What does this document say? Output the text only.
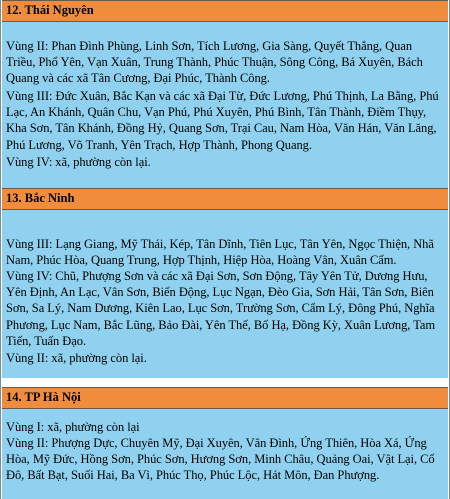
12. Thái Nguyên

Vùng II: Phan Đình Phùng, Linh Sơn, Tích Lương, Gia Sàng, Quyết Thắng, Quan Triều, Phổ Yên, Vạn Xuân, Trung Thành, Phúc Thuận, Sông Công, Bá Xuyên, Bách Quang và các xã Tân Cương, Đại Phúc, Thành Công.

Vùng III: Đức Xuân, Bắc Kạn và các xã Đại Từ, Đức Lương, Phú Thịnh, La Bằng, Phú Lạc, An Khánh, Quân Chu, Vạn Phú, Phú Xuyên, Phú Bình, Tân Thành, Điềm Thụy, Kha Sơn, Tân Khánh, Đồng Hỷ, Quang Sơn, Trại Cau, Nam Hòa, Văn Hán, Văn Lăng, Phú Lương, Võ Tranh, Yên Trạch, Hợp Thành, Phong Quang.

Vùng IV: xã, phường còn lại.

13. Bắc Ninh

Vùng III: Lạng Giang, Mỹ Thái, Kép, Tân Dĩnh, Tiên Lục, Tân Yên, Ngọc Thiện, Nhã Nam, Phúc Hòa, Quang Trung, Hợp Thịnh, Hiệp Hòa, Hoàng Vân, Xuân Cẩm.

Vùng IV: Chũ, Phượng Sơn và các xã Đại Sơn, Sơn Động, Tây Yên Tử, Dương Hưu, Yên Định, An Lạc, Vân Sơn, Biển Động, Lục Ngạn, Đèo Gia, Sơn Hải, Tân Sơn, Biên Sơn, Sa Lý, Nam Dương, Kiên Lao, Lục Sơn, Trường Sơn, Cẩm Lý, Đông Phú, Nghĩa Phương, Lục Nam, Bắc Lũng, Bảo Đài, Yên Thế, Bố Hạ, Đồng Kỳ, Xuân Lương, Tam Tiến, Tuấn Đạo.

Vùng II: xã, phường còn lại.

14. TP Hà Nội

Vùng I: xã, phường còn lại

Vùng II: Phượng Dực, Chuyên Mỹ, Đại Xuyên, Vân Đình, Ứng Thiên, Hòa Xá, Ứng Hòa, Mỹ Đức, Hồng Sơn, Phúc Sơn, Hương Sơn, Minh Châu, Quảng Oai, Vật Lại, Cổ Đô, Bất Bạt, Suối Hai, Ba Vì, Phúc Thọ, Phúc Lộc, Hát Môn, Đan Phượng.
